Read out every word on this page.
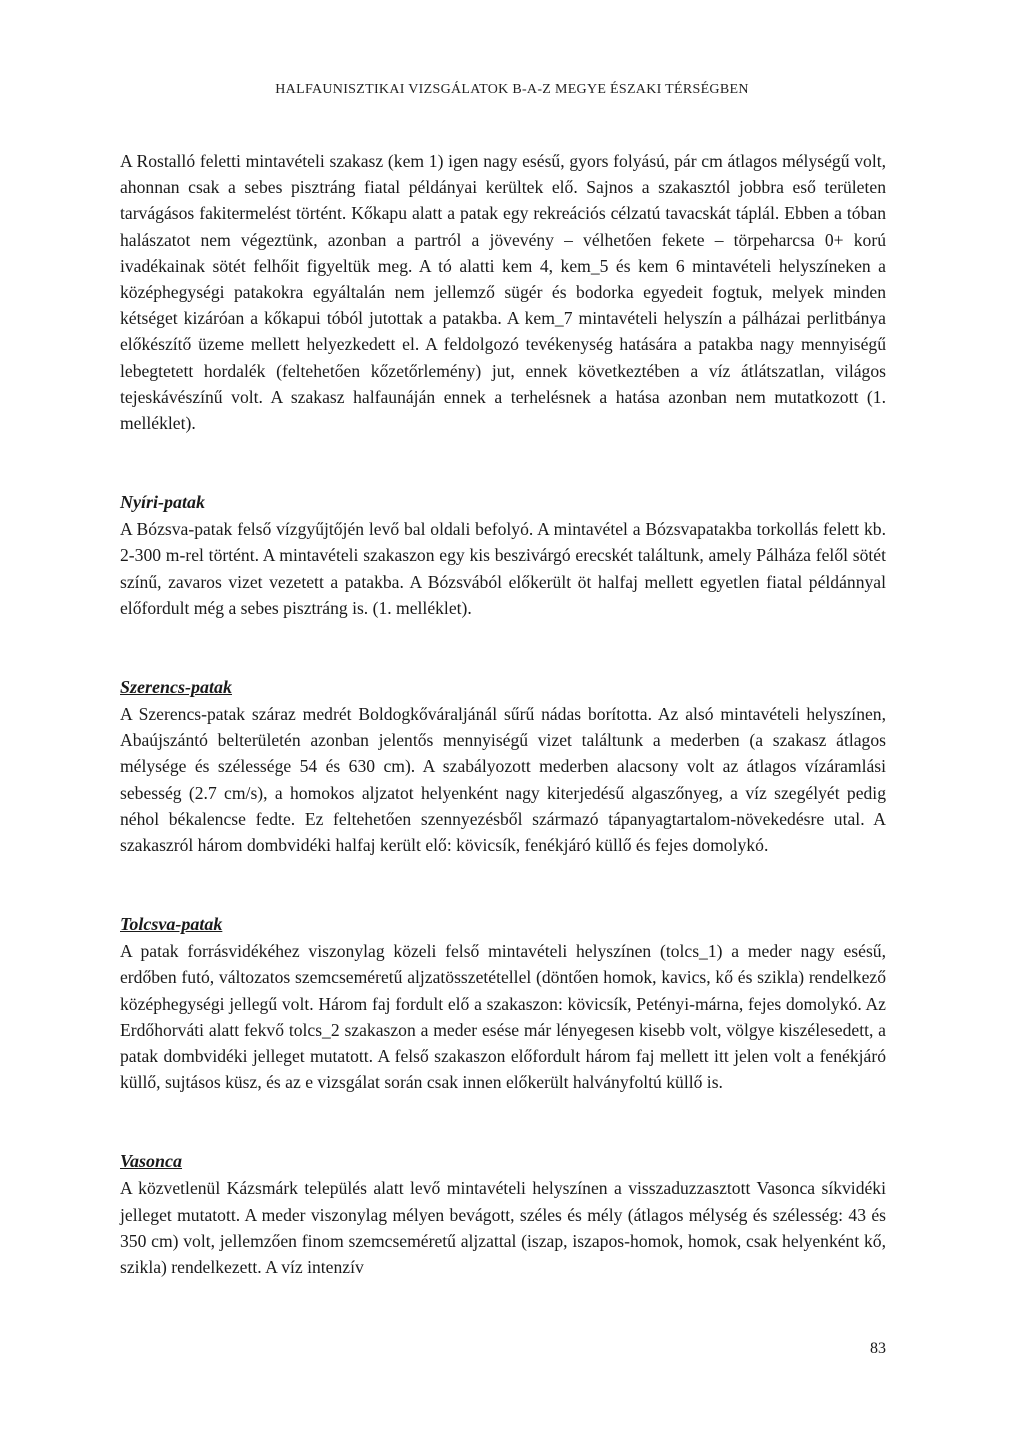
HALFAUNISZTIKAI VIZSGÁLATOK B-A-Z MEGYE ÉSZAKI TÉRSÉGBEN

A Rostalló feletti mintavételi szakasz (kem 1) igen nagy esésű, gyors folyású, pár cm átlagos mélységű volt, ahonnan csak a sebes pisztráng fiatal példányai kerültek elő. Sajnos a szakasztól jobbra eső területen tarvágásos fakitermelést történt. Kőkapu alatt a patak egy rekreációs célzatú tavacskát táplál. Ebben a tóban halászatot nem végeztünk, azonban a partról a jövevény – vélhetően fekete – törpeharcsa 0+ korú ivadékainak sötét felhőit figyeltük meg. A tó alatti kem 4, kem_5 és kem 6 mintavételi helyszíneken a középhegységi patakokra egyáltalán nem jellemző sügér és bodorka egyedeit fogtuk, melyek minden kétséget kizáróan a kőkapui tóból jutottak a patakba. A kem_7 mintavételi helyszín a pálházai perlitbánya előkészítő üzeme mellett helyezkedett el. A feldolgozó tevékenység hatására a patakba nagy mennyiségű lebegtetett hordalék (feltehetően kőzetőrlemény) jut, ennek következtében a víz átlátszatlan, világos tejeskávészínű volt. A szakasz halfaunáján ennek a terhelésnek a hatása azonban nem mutatkozott (1. melléklet).

Nyíri-patak

A Bózsva-patak felső vízgyűjtőjén levő bal oldali befolyó. A mintavétel a Bózsvapatakba torkollás felett kb. 2-300 m-rel történt. A mintavételi szakaszon egy kis beszivárgó erecskét találtunk, amely Pálháza felől sötét színű, zavaros vizet vezetett a patakba. A Bózsvából előkerült öt halfaj mellett egyetlen fiatal példánnyal előfordult még a sebes pisztráng is. (1. melléklet).

Szerencs-patak

A Szerencs-patak száraz medrét Boldogkőváraljánál sűrű nádas borította. Az alsó mintavételi helyszínen, Abaújszántó belterületén azonban jelentős mennyiségű vizet találtunk a mederben (a szakasz átlagos mélysége és szélessége 54 és 630 cm). A szabályozott mederben alacsony volt az átlagos vízáramlási sebesség (2.7 cm/s), a homokos aljzatot helyenként nagy kiterjedésű algaszőnyeg, a víz szegélyét pedig néhol békalencse fedte. Ez feltehetően szennyezésből származó tápanyagtartalom-növekedésre utal. A szakaszról három dombvidéki halfaj került elő: kövicsík, fenékjáró küllő és fejes domolykó.

Tolcsva-patak

A patak forrásvidékéhez viszonylag közeli felső mintavételi helyszínen (tolcs_1) a meder nagy esésű, erdőben futó, változatos szemcseméretű aljzatösszetétellel (döntően homok, kavics, kő és szikla) rendelkező középhegységi jellegű volt. Három faj fordult elő a szakaszon: kövicsík, Petényi-márna, fejes domolykó. Az Erdőhorváti alatt fekvő tolcs_2 szakaszon a meder esése már lényegesen kisebb volt, völgye kiszélesedett, a patak dombvidéki jelleget mutatott. A felső szakaszon előfordult három faj mellett itt jelen volt a fenékjáró küllő, sujtásos küsz, és az e vizsgálat során csak innen előkerült halványfoltú küllő is.

Vasonca

A közvetlenül Kázsmárk település alatt levő mintavételi helyszínen a visszaduzzasztott Vasonca síkvidéki jelleget mutatott. A meder viszonylag mélyen bevágott, széles és mély (átlagos mélység és szélesség: 43 és 350 cm) volt, jellemzően finom szemcseméretű aljzattal (iszap, iszapos-homok, homok, csak helyenként kő, szikla) rendelkezett. A víz intenzív

83
